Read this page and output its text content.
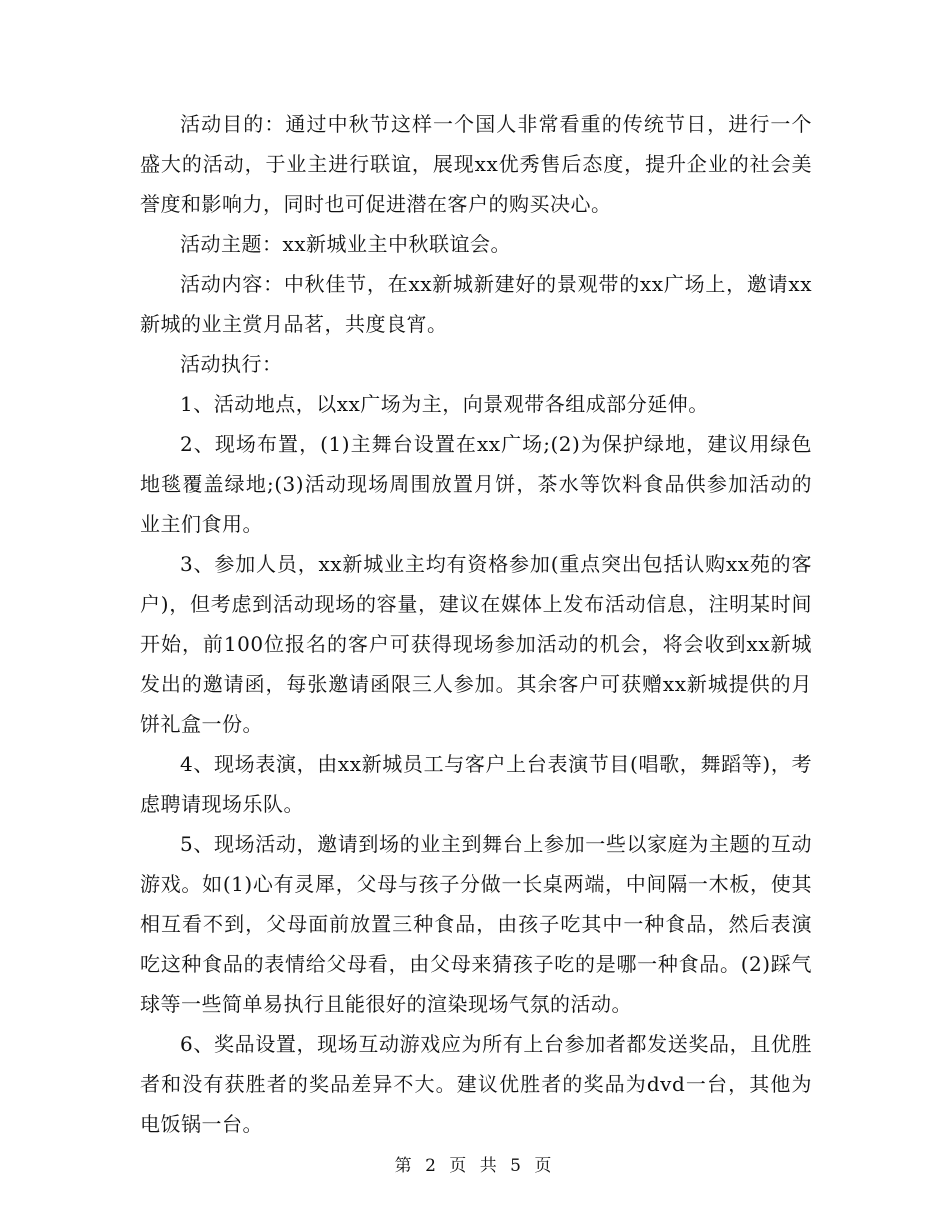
活动目的：通过中秋节这样一个国人非常看重的传统节日，进行一个盛大的活动，于业主进行联谊，展现xx优秀售后态度，提升企业的社会美誉度和影响力，同时也可促进潜在客户的购买决心。

活动主题：xx新城业主中秋联谊会。

活动内容：中秋佳节，在xx新城新建好的景观带的xx广场上，邀请xx新城的业主赏月品茗，共度良宵。

活动执行：

1、活动地点，以xx广场为主，向景观带各组成部分延伸。

2、现场布置，(1)主舞台设置在xx广场;(2)为保护绿地，建议用绿色地毯覆盖绿地;(3)活动现场周围放置月饼，茶水等饮料食品供参加活动的业主们食用。

3、参加人员，xx新城业主均有资格参加(重点突出包括认购xx苑的客户)，但考虑到活动现场的容量，建议在媒体上发布活动信息，注明某时间开始，前100位报名的客户可获得现场参加活动的机会，将会收到xx新城发出的邀请函，每张邀请函限三人参加。其余客户可获赠xx新城提供的月饼礼盒一份。

4、现场表演，由xx新城员工与客户上台表演节目(唱歌，舞蹈等)，考虑聘请现场乐队。

5、现场活动，邀请到场的业主到舞台上参加一些以家庭为主题的互动游戏。如(1)心有灵犀，父母与孩子分做一长桌两端，中间隔一木板，使其相互看不到，父母面前放置三种食品，由孩子吃其中一种食品，然后表演吃这种食品的表情给父母看，由父母来猜孩子吃的是哪一种食品。(2)踩气球等一些简单易执行且能很好的渲染现场气氛的活动。

6、奖品设置，现场互动游戏应为所有上台参加者都发送奖品，且优胜者和没有获胜者的奖品差异不大。建议优胜者的奖品为dvd一台，其他为电饭锅一台。

第 2 页 共 5 页
